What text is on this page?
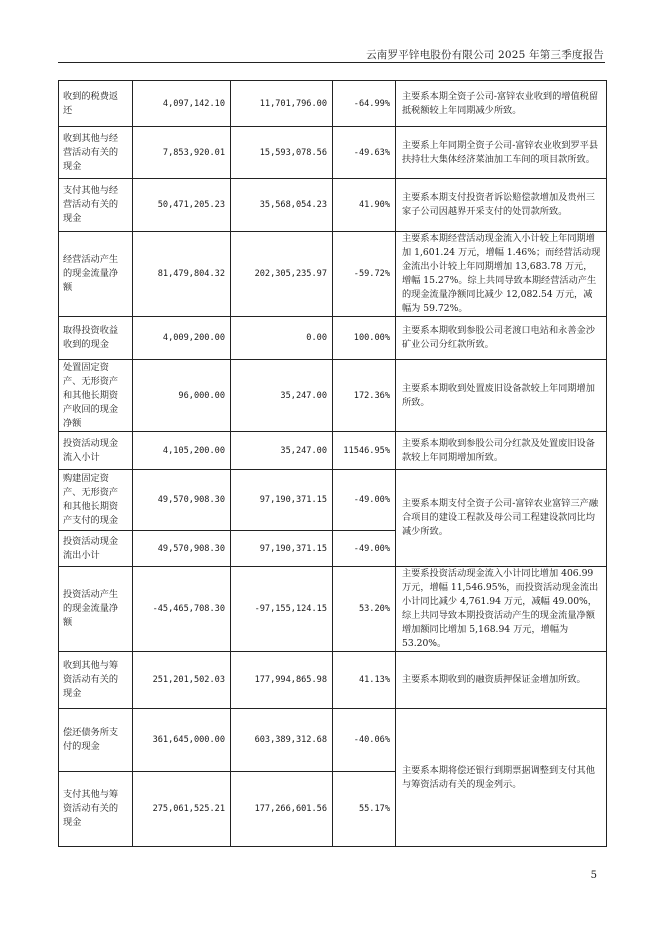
云南罗平锌电股份有限公司 2025 年第三季度报告
收到的税费返还	4,097,142.10	11,701,796.00	-64.99%	主要系本期全资子公司-富锌农业收到的增值税留抵税额较上年同期减少所致。
收到其他与经营活动有关的现金	7,853,920.01	15,593,078.56	-49.63%	主要系上年同期全资子公司-富锌农业收到罗平县扶持壮大集体经济菜油加工车间的项目款所致。
支付其他与经营活动有关的现金	50,471,205.23	35,568,054.23	41.90%	主要系本期支付投资者诉讼赔偿款增加及贵州三家子公司因越界开采支付的处罚款所致。
经营活动产生的现金流量净额	81,479,804.32	202,305,235.97	-59.72%	主要系本期经营活动现金流入小计较上年同期增加 1,601.24 万元，增幅 1.46%；而经营活动现金流出小计较上年同期增加 13,683.78 万元，增幅 15.27%。综上共同导致本期经营活动产生的现金流量净额同比减少 12,082.54 万元，减幅为 59.72%。
取得投资收益收到的现金	4,009,200.00	0.00	100.00%	主要系本期收到参股公司老渡口电站和永善金沙矿业公司分红款所致。
处置固定资产、无形资产和其他长期资产收回的现金净额	96,000.00	35,247.00	172.36%	主要系本期收到处置废旧设备款较上年同期增加所致。
投资活动现金流入小计	4,105,200.00	35,247.00	11546.95%	主要系本期收到参股公司分红款及处置废旧设备款较上年同期增加所致。
购建固定资产、无形资产和其他长期资产支付的现金	49,570,908.30	97,190,371.15	-49.00%	主要系本期支付全资子公司-富锌农业富锌三产融合项目的建设工程款及母公司工程建设款同比均减少所致。
投资活动现金流出小计	49,570,908.30	97,190,371.15	-49.00%	
投资活动产生的现金流量净额	-45,465,708.30	-97,155,124.15	53.20%	主要系投资活动现金流入小计同比增加 406.99 万元，增幅 11,546.95%，而投资活动现金流出小计同比减少 4,761.94 万元，减幅 49.00%，综上共同导致本期投资活动产生的现金流量净额增加额同比增加 5,168.94 万元，增幅为 53.20%。
收到其他与筹资活动有关的现金	251,201,502.03	177,994,865.98	41.13%	主要系本期收到的融资质押保证金增加所致。
偿还债务所支付的现金	361,645,000.00	603,389,312.68	-40.06%	主要系本期将偿还银行到期票据调整到支付其他与筹资活动有关的现金列示。
支付其他与筹资活动有关的现金	275,061,525.21	177,266,601.56	55.17%	
5
